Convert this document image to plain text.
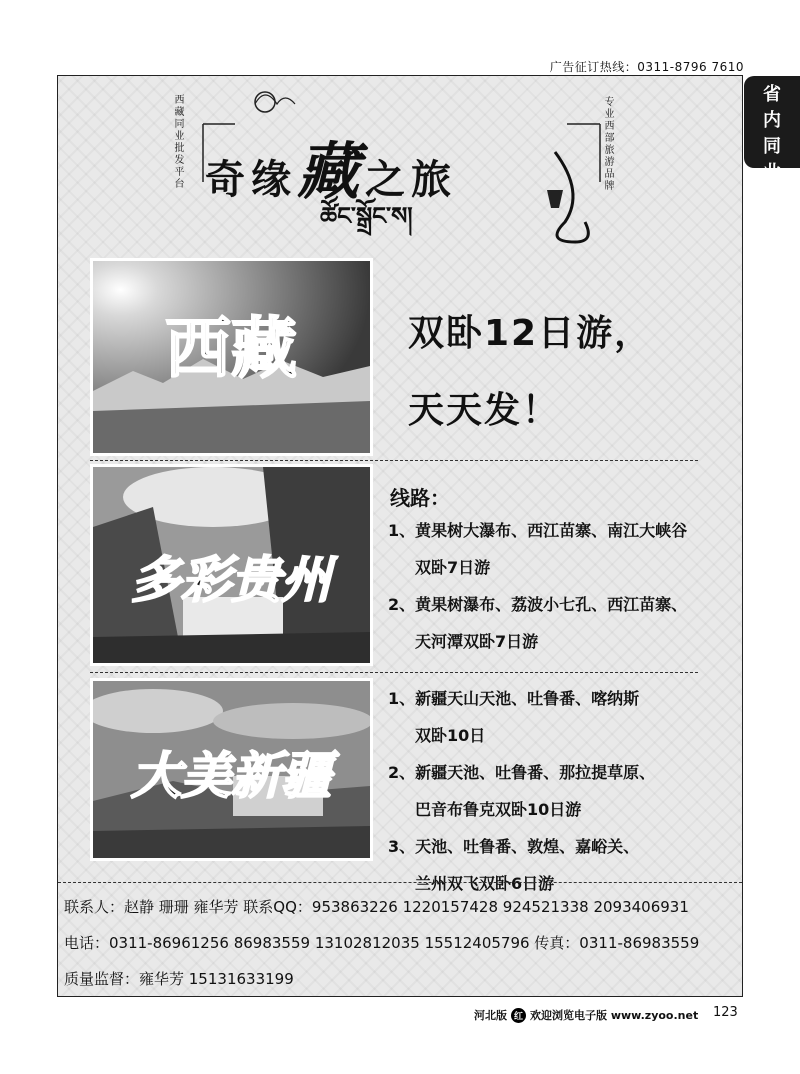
广告征订热线：0311-8796 7610
省
内
同
业
西藏同业批发平台	专业西部旅游品牌
奇缘藏之旅
ཚོང་སྒྲོང་ས།
西藏	双卧12日游，
天天发！
多彩贵州
线路：
1、黄果树大瀑布、西江苗寨、南江大峡谷
双卧7日游
2、黄果树瀑布、荔波小七孔、西江苗寨、
天河潭双卧7日游
大美新疆
1、新疆天山天池、吐鲁番、喀纳斯
双卧10日
2、新疆天池、吐鲁番、那拉提草原、
巴音布鲁克双卧10日游
3、天池、吐鲁番、敦煌、嘉峪关、
兰州双飞双卧6日游
联系人：赵静 珊珊 雍华芳 联系QQ：953863226 1220157428 924521338 2093406931
电话：0311-86961256 86983559 13102812035 15512405796 传真：0311-86983559
质量监督：雍华芳 15131633199
河北版 红 欢迎浏览电子版 www.zyoo.net 123
